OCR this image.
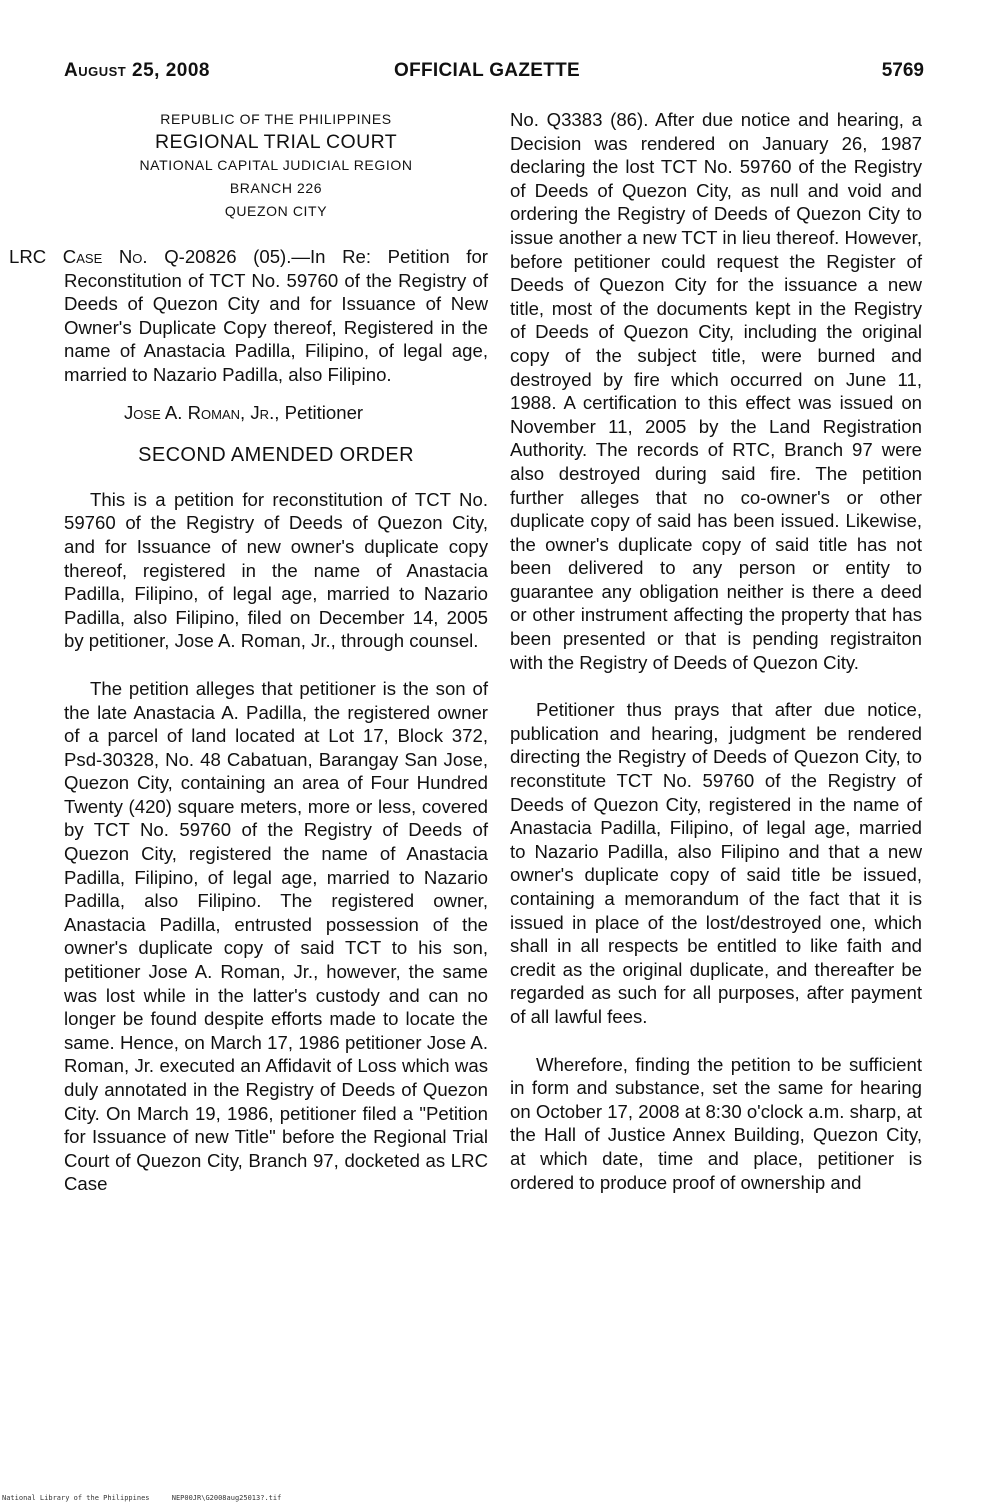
August 25, 2008	OFFICIAL GAZETTE	5769
REPUBLIC OF THE PHILIPPINES
REGIONAL TRIAL COURT
NATIONAL CAPITAL JUDICIAL REGION
BRANCH 226
QUEZON CITY

LRC Case No. Q-20826 (05).—In Re: Petition for Reconstitution of TCT No. 59760 of the Registry of Deeds of Quezon City and for Issuance of New Owner's Duplicate Copy thereof, Registered in the name of Anastacia Padilla, Filipino, of legal age, married to Nazario Padilla, also Filipino.

Jose A. Roman, Jr., Petitioner

SECOND AMENDED ORDER

This is a petition for reconstitution of TCT No. 59760 of the Registry of Deeds of Quezon City, and for Issuance of new owner's duplicate copy thereof, registered in the name of Anastacia Padilla, Filipino, of legal age, married to Nazario Padilla, also Filipino, filed on December 14, 2005 by petitioner, Jose A. Roman, Jr., through counsel.

The petition alleges that petitioner is the son of the late Anastacia A. Padilla, the registered owner of a parcel of land located at Lot 17, Block 372, Psd-30328, No. 48 Cabatuan, Barangay San Jose, Quezon City, containing an area of Four Hundred Twenty (420) square meters, more or less, covered by TCT No. 59760 of the Registry of Deeds of Quezon City, registered the name of Anastacia Padilla, Filipino, of legal age, married to Nazario Padilla, also Filipino. The registered owner, Anastacia Padilla, entrusted possession of the owner's duplicate copy of said TCT to his son, petitioner Jose A. Roman, Jr., however, the same was lost while in the latter's custody and can no longer be found despite efforts made to locate the same. Hence, on March 17, 1986 petitioner Jose A. Roman, Jr. executed an Affidavit of Loss which was duly annotated in the Registry of Deeds of Quezon City. On March 19, 1986, petitioner filed a "Petition for Issuance of new Title" before the Regional Trial Court of Quezon City, Branch 97, docketed as LRC Case

No. Q3383 (86). After due notice and hearing, a Decision was rendered on January 26, 1987 declaring the lost TCT No. 59760 of the Registry of Deeds of Quezon City, as null and void and ordering the Registry of Deeds of Quezon City to issue another a new TCT in lieu thereof. However, before petitioner could request the Register of Deeds of Quezon City for the issuance a new title, most of the documents kept in the Registry of Deeds of Quezon City, including the original copy of the subject title, were burned and destroyed by fire which occurred on June 11, 1988. A certification to this effect was issued on November 11, 2005 by the Land Registration Authority. The records of RTC, Branch 97 were also destroyed during said fire. The petition further alleges that no co-owner's or other duplicate copy of said has been issued. Likewise, the owner's duplicate copy of said title has not been delivered to any person or entity to guarantee any obligation neither is there a deed or other instrument affecting the property that has been presented or that is pending registraiton with the Registry of Deeds of Quezon City.

Petitioner thus prays that after due notice, publication and hearing, judgment be rendered directing the Registry of Deeds of Quezon City, to reconstitute TCT No. 59760 of the Registry of Deeds of Quezon City, registered in the name of Anastacia Padilla, Filipino, of legal age, married to Nazario Padilla, also Filipino and that a new owner's duplicate copy of said title be issued, containing a memorandum of the fact that it is issued in place of the lost/destroyed one, which shall in all respects be entitled to like faith and credit as the original duplicate, and thereafter be regarded as such for all purposes, after payment of all lawful fees.

Wherefore, finding the petition to be sufficient in form and substance, set the same for hearing on October 17, 2008 at 8:30 o'clock a.m. sharp, at the Hall of Justice Annex Building, Quezon City, at which date, time and place, petitioner is ordered to produce proof of ownership and

National Library of the Philippines	NEP00JR\G2008aug25013?.tif
